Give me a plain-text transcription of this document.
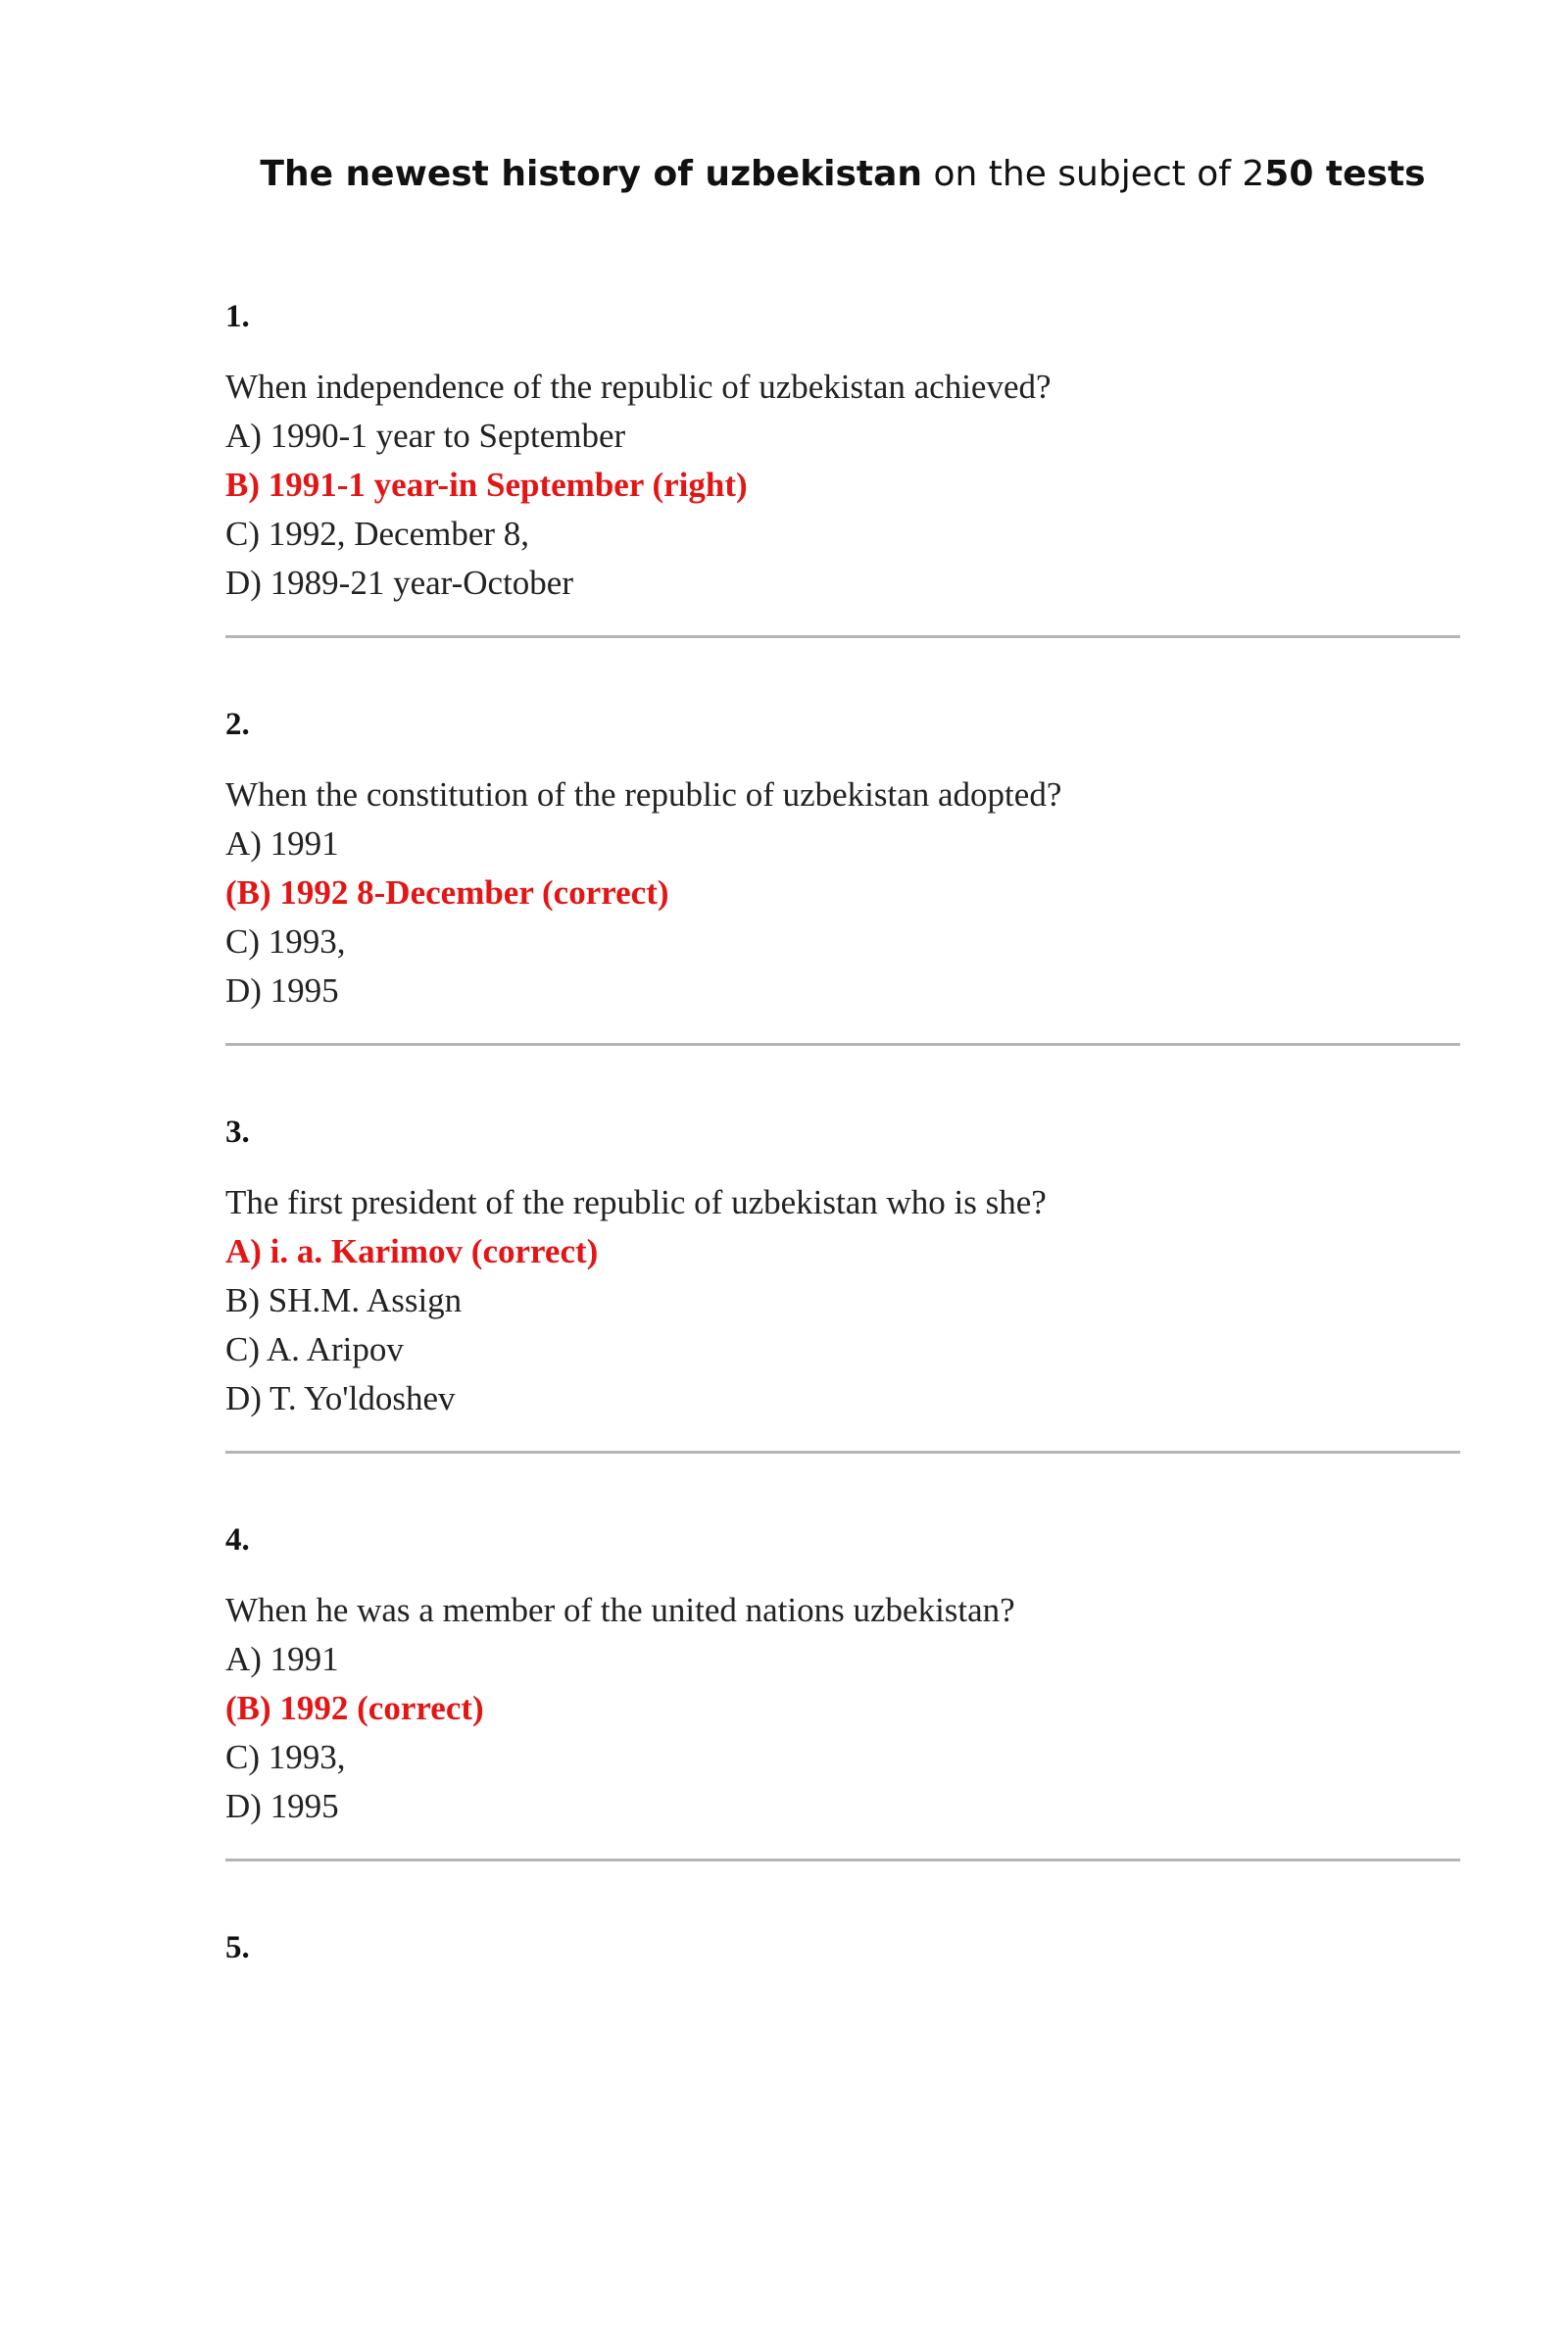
The newest history of uzbekistan on the subject of 250 tests
1.
When independence of the republic of uzbekistan achieved?
A) 1990-1 year to September
B) 1991-1 year-in September (right)
C) 1992, December 8,
D) 1989-21 year-October
2.
When the constitution of the republic of uzbekistan adopted?
A) 1991
(B) 1992 8-December (correct)
C) 1993,
D) 1995
3.
The first president of the republic of uzbekistan who is she?
A) i. a. Karimov (correct)
B) SH.M. Assign
C) A. Aripov
D) T. Yo'ldoshev
4.
When he was a member of the united nations uzbekistan?
A) 1991
(B) 1992 (correct)
C) 1993,
D) 1995
5.
